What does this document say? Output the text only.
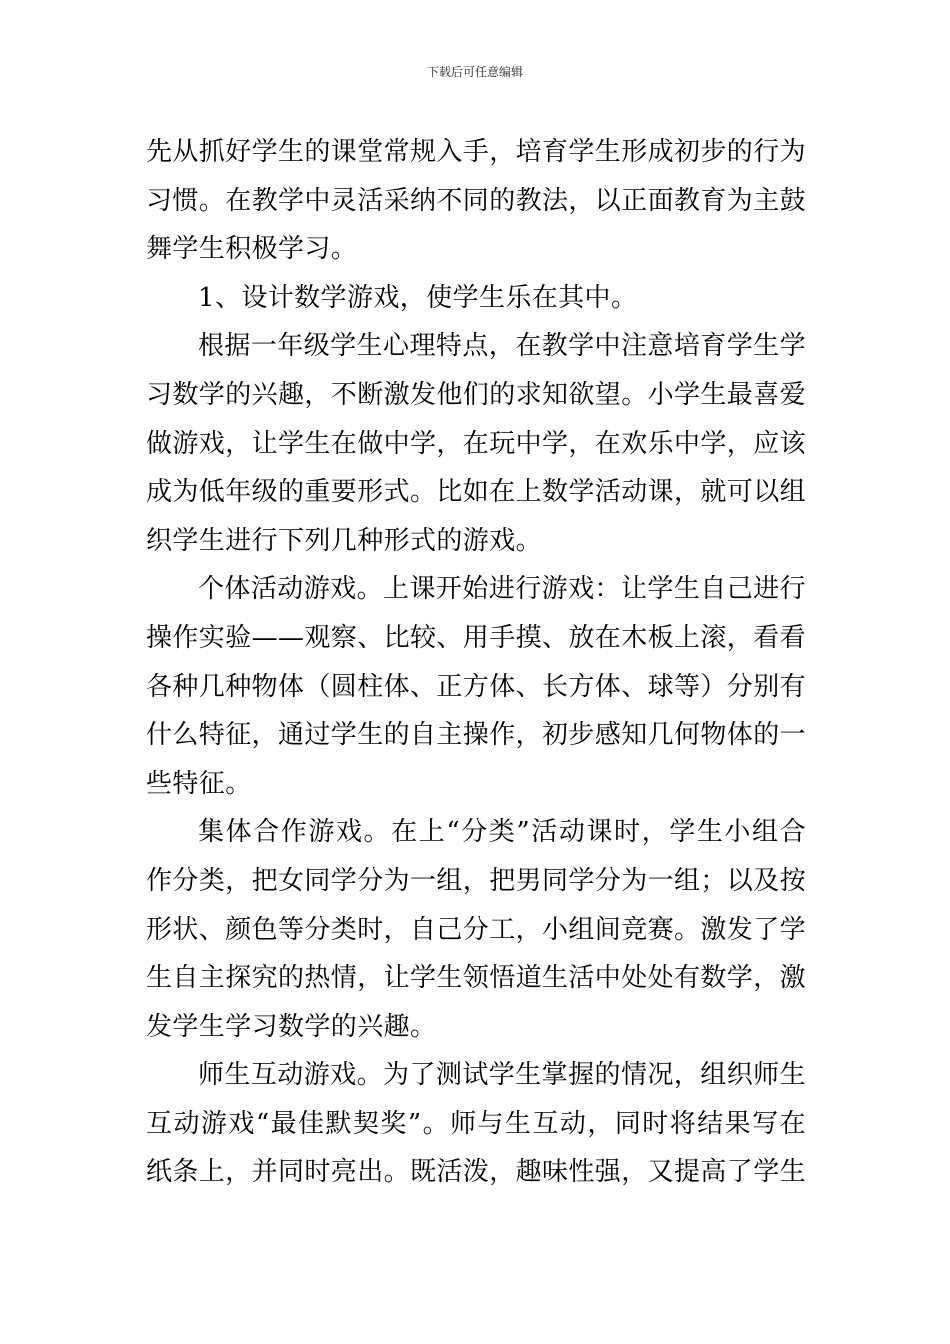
下载后可任意编辑

先从抓好学生的课堂常规入手，培育学生形成初步的行为习惯。在教学中灵活采纳不同的教法，以正面教育为主鼓舞学生积极学习。

1、设计数学游戏，使学生乐在其中。

根据一年级学生心理特点，在教学中注意培育学生学习数学的兴趣，不断激发他们的求知欲望。小学生最喜爱做游戏，让学生在做中学，在玩中学，在欢乐中学，应该成为低年级的重要形式。比如在上数学活动课，就可以组织学生进行下列几种形式的游戏。

个体活动游戏。上课开始进行游戏：让学生自己进行操作实验——观察、比较、用手摸、放在木板上滚，看看各种几种物体（圆柱体、正方体、长方体、球等）分别有什么特征，通过学生的自主操作，初步感知几何物体的一些特征。

集体合作游戏。在上“分类”活动课时，学生小组合作分类，把女同学分为一组，把男同学分为一组；以及按形状、颜色等分类时，自己分工，小组间竞赛。激发了学生自主探究的热情，让学生领悟道生活中处处有数学，激发学生学习数学的兴趣。

师生互动游戏。为了测试学生掌握的情况，组织师生互动游戏“最佳默契奖”。师与生互动，同时将结果写在纸条上，并同时亮出。既活泼，趣味性强，又提高了学生
